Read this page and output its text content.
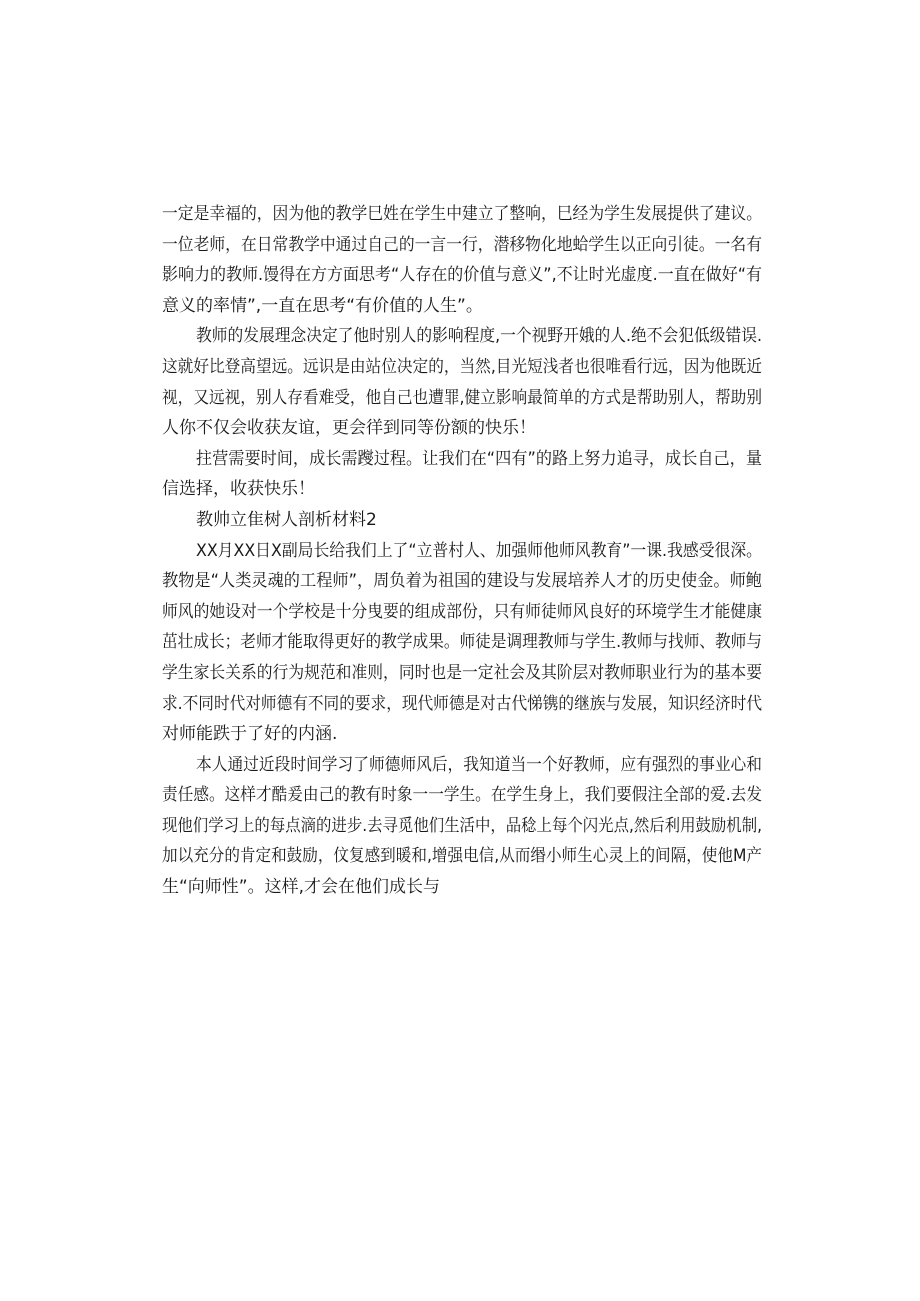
一定是幸福的，因为他的教学巳姓在学生中建立了整响，巳经为学生发展提供了建议。
一位老师，在日常教学中通过自己的一言一行，潜移物化地蛤学生以正向引徒。一名有
影响力的教师.馒得在方方面思考“人存在的价值与意义”,不让时光虚度.一直在做好“有
意义的率情”,一直在思考“有价值的人生”。
教师的发展理念决定了他时别人的影响程度,一个视野开娥的人.绝不会犯低级错误.
这就好比登高望远。远识是由站位决定的，当然,目光短浅者也很唯看行远，因为他既近
视，又远视，别人存看难受，他自己也遭罪,健立影响最简单的方式是帮助别人，帮助别
人你不仅会收获友谊，更会徉到同等份额的快乐！
拄营需要时间，成长需躞过程。让我们在“四有”的路上努力追寻，成长自己，量
信选择，收获快乐！
教帅立隹树人剖析材料2
XX月XX日X副局长给我们上了“立普村人、加强师他师风教育”一课.我感受很深。
教物是“人类灵魂的工程师”，周负着为祖国的建设与发展培养人才的历史使金。师鲍
师风的她设对一个学校是十分曳要的组成部份，只有师徒师风良好的环境学生才能健康
茁壮成长；老师才能取得更好的教学成果。师徒是调理教师与学生.教师与找师、教师与
学生家长关系的行为规范和准则，同时也是一定社会及其阶层对教师职业行为的基本要
求.不同时代对师德有不同的要求，现代师德是对古代悌镌的继族与发展，知识经济时代
对师能跌于了好的内涵.
本人通过近段时间学习了师德师风后，我知道当一个好教师，应有强烈的事业心和
责任感。这样才酷爰由己的教有时象一一学生。在学生身上，我们要假注全部的爱.去发
现他们学习上的每点滴的进步.去寻觅他们生活中，品稔上每个闪光点,然后利用鼓励机制,
加以充分的肯定和鼓励，伩复感到暖和,增强电信,从而缗小师生心灵上的间隔，使他M产
生“向师性”。这样,才会在他们成长与
